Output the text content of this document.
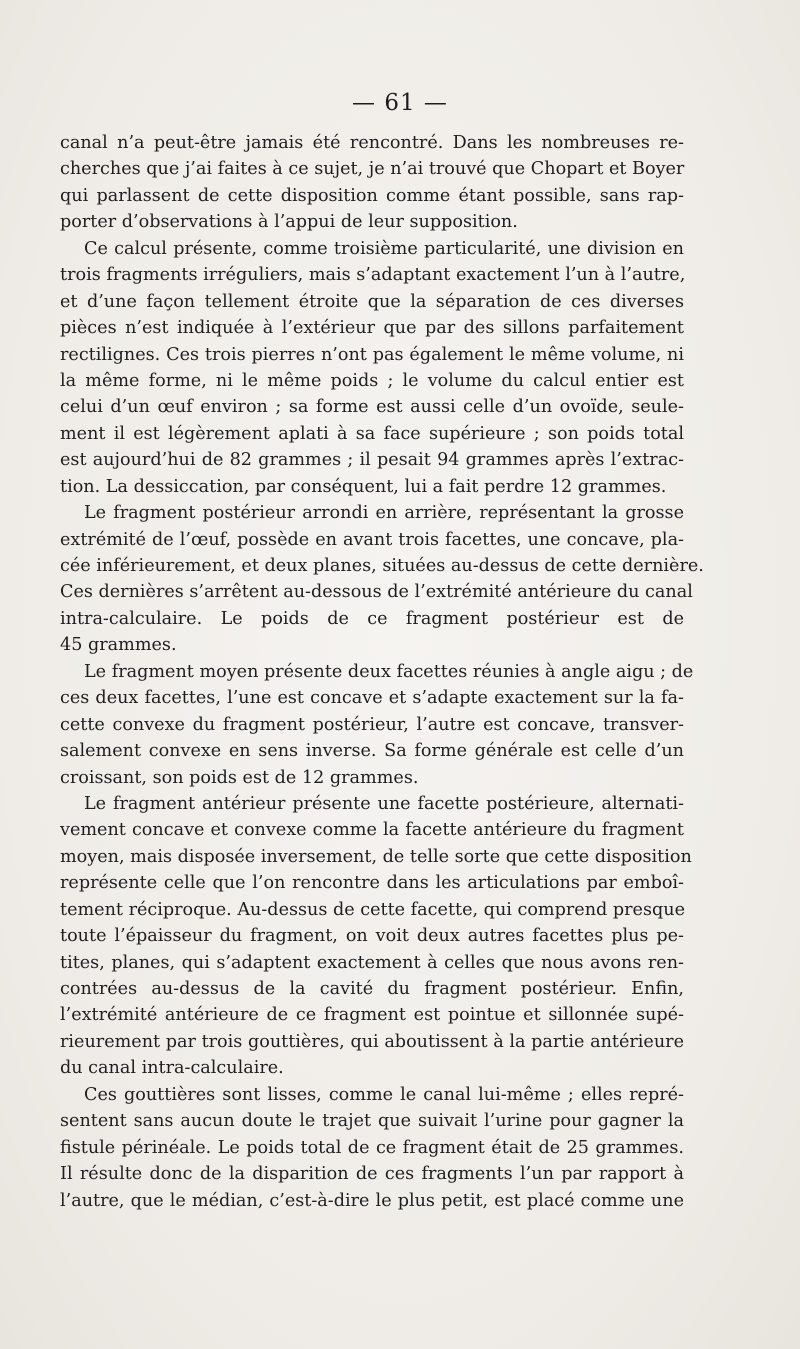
— 61 —
canal n’a peut-être jamais été rencontré. Dans les nombreuses re-
cherches que j’ai faites à ce sujet, je n’ai trouvé que Chopart et Boyer
qui parlassent de cette disposition comme étant possible, sans rap-
porter d’observations à l’appui de leur supposition.
Ce calcul présente, comme troisième particularité, une division en
trois fragments irréguliers, mais s’adaptant exactement l’un à l’autre,
et d’une façon tellement étroite que la séparation de ces diverses
pièces n’est indiquée à l’extérieur que par des sillons parfaitement
rectilignes. Ces trois pierres n’ont pas également le même volume, ni
la même forme, ni le même poids ; le volume du calcul entier est
celui d’un œuf environ ; sa forme est aussi celle d’un ovoïde, seule-
ment il est légèrement aplati à sa face supérieure ; son poids total
est aujourd’hui de 82 grammes ; il pesait 94 grammes après l’extrac-
tion. La dessiccation, par conséquent, lui a fait perdre 12 grammes.
Le fragment postérieur arrondi en arrière, représentant la grosse
extrémité de l’œuf, possède en avant trois facettes, une concave, pla-
cée inférieurement, et deux planes, situées au-dessus de cette dernière.
Ces dernières s’arrêtent au-dessous de l’extrémité antérieure du canal
intra-calculaire. Le poids de ce fragment postérieur est de
45 grammes.
Le fragment moyen présente deux facettes réunies à angle aigu ; de
ces deux facettes, l’une est concave et s’adapte exactement sur la fa-
cette convexe du fragment postérieur, l’autre est concave, transver-
salement convexe en sens inverse. Sa forme générale est celle d’un
croissant, son poids est de 12 grammes.
Le fragment antérieur présente une facette postérieure, alternati-
vement concave et convexe comme la facette antérieure du fragment
moyen, mais disposée inversement, de telle sorte que cette disposition
représente celle que l’on rencontre dans les articulations par emboî-
tement réciproque. Au-dessus de cette facette, qui comprend presque
toute l’épaisseur du fragment, on voit deux autres facettes plus pe-
tites, planes, qui s’adaptent exactement à celles que nous avons ren-
contrées au-dessus de la cavité du fragment postérieur. Enfin,
l’extrémité antérieure de ce fragment est pointue et sillonnée supé-
rieurement par trois gouttières, qui aboutissent à la partie antérieure
du canal intra-calculaire.
Ces gouttières sont lisses, comme le canal lui-même ; elles repré-
sentent sans aucun doute le trajet que suivait l’urine pour gagner la
fistule périnéale. Le poids total de ce fragment était de 25 grammes.
Il résulte donc de la disparition de ces fragments l’un par rapport à
l’autre, que le médian, c’est-à-dire le plus petit, est placé comme une
